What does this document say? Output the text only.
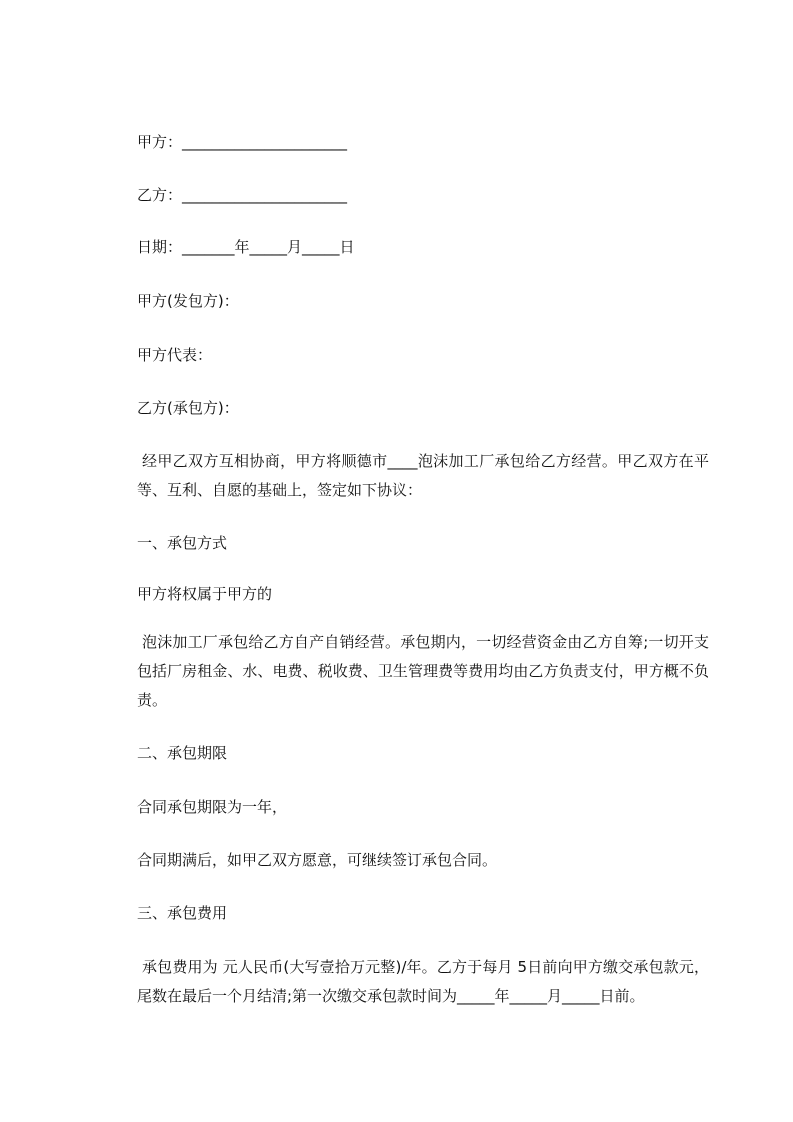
甲方：______________________
乙方：______________________
日期：_______年_____月_____日
甲方(发包方)：
甲方代表：
乙方(承包方)：
经甲乙双方互相协商，甲方将顺德市____泡沫加工厂承包给乙方经营。甲乙双方在平等、互利、自愿的基础上，签定如下协议：
一、承包方式
甲方将权属于甲方的
泡沫加工厂承包给乙方自产自销经营。承包期内，一切经营资金由乙方自筹;一切开支包括厂房租金、水、电费、税收费、卫生管理费等费用均由乙方负责支付，甲方概不负责。
二、承包期限
合同承包期限为一年，
合同期满后，如甲乙双方愿意，可继续签订承包合同。
三、承包费用
承包费用为 元人民币(大写壹拾万元整)/年。乙方于每月 5日前向甲方缴交承包款元，尾数在最后一个月结清;第一次缴交承包款时间为_____年_____月_____日前。
